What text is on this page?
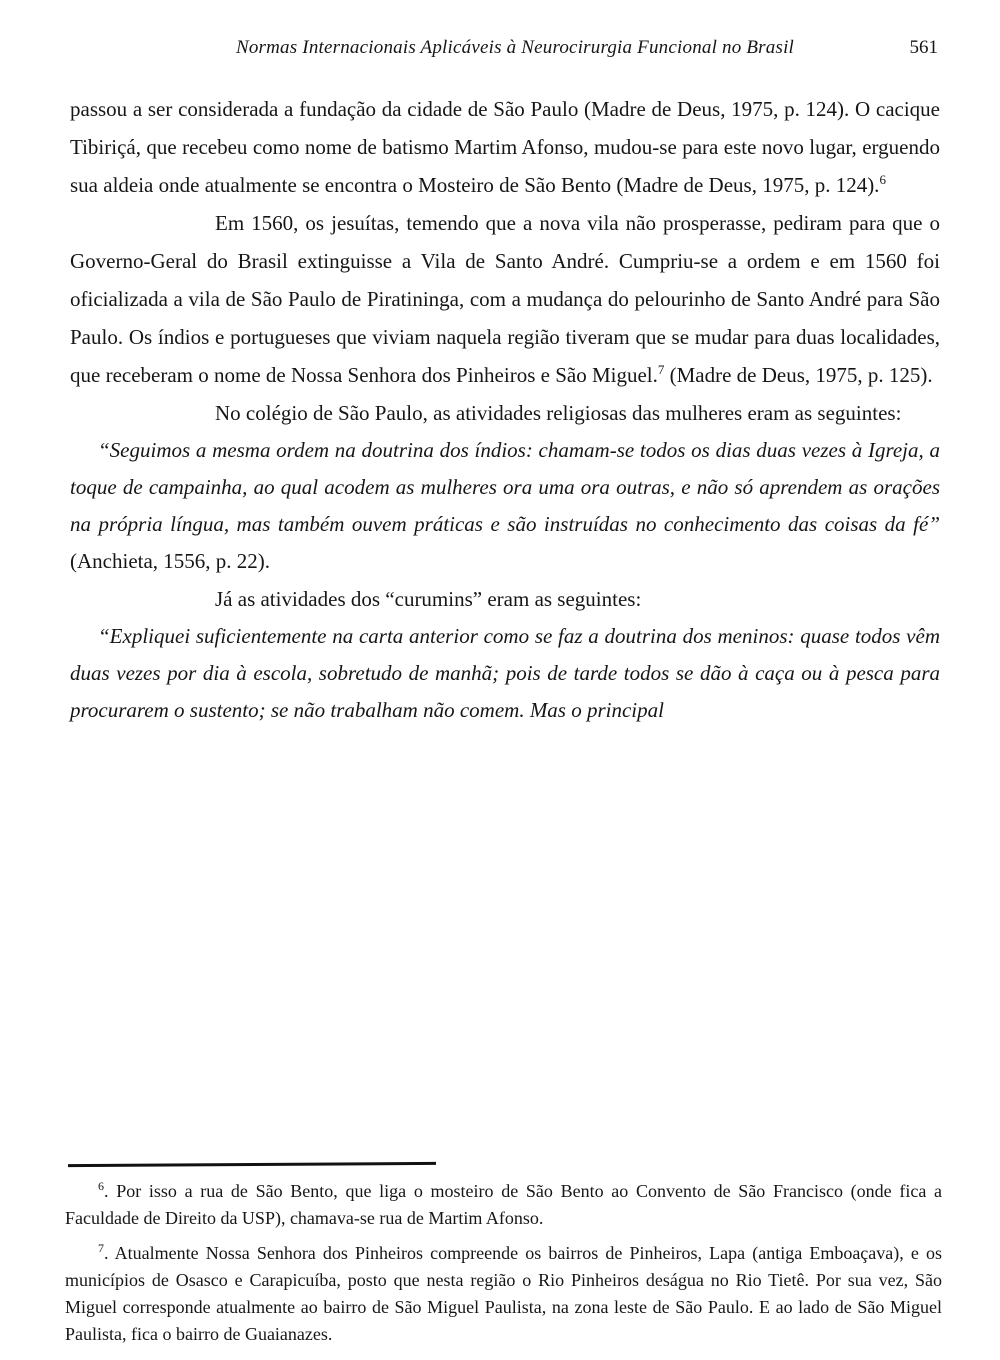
Normas Internacionais Aplicáveis à Neurocirurgia Funcional no Brasil	561

passou a ser considerada a fundação da cidade de São Paulo (Madre de Deus, 1975, p. 124). O cacique Tibiriçá, que recebeu como nome de batismo Martim Afonso, mudou-se para este novo lugar, erguendo sua aldeia onde atualmente se encontra o Mosteiro de São Bento (Madre de Deus, 1975, p. 124).$^6$

Em 1560, os jesuítas, temendo que a nova vila não prosperasse, pediram para que o Governo-Geral do Brasil extinguisse a Vila de Santo André. Cumpriu-se a ordem e em 1560 foi oficializada a vila de São Paulo de Piratininga, com a mudança do pelourinho de Santo André para São Paulo. Os índios e portugueses que viviam naquela região tiveram que se mudar para duas localidades, que receberam o nome de Nossa Senhora dos Pinheiros e São Miguel.$^7$ (Madre de Deus, 1975, p. 125).

No colégio de São Paulo, as atividades religiosas das mulheres eram as seguintes:

“Seguimos a mesma ordem na doutrina dos índios: chamam-se todos os dias duas vezes à Igreja, a toque de campainha, ao qual acodem as mulheres ora uma ora outras, e não só aprendem as orações na própria língua, mas também ouvem práticas e são instruídas no conhecimento das coisas da fé” (Anchieta, 1556, p. 22).

Já as atividades dos “curumins” eram as seguintes:

“Expliquei suficientemente na carta anterior como se faz a doutrina dos meninos: quase todos vêm duas vezes por dia à escola, sobretudo de manhã; pois de tarde todos se dão à caça ou à pesca para procurarem o sustento; se não trabalham não comem. Mas o principal

$^6$. Por isso a rua de São Bento, que liga o mosteiro de São Bento ao Convento de São Francisco (onde fica a Faculdade de Direito da USP), chamava-se rua de Martim Afonso.

$^7$. Atualmente Nossa Senhora dos Pinheiros compreende os bairros de Pinheiros, Lapa (antiga Emboaçava), e os municípios de Osasco e Carapicuíba, posto que nesta região o Rio Pinheiros deságua no Rio Tietê. Por sua vez, São Miguel corresponde atualmente ao bairro de São Miguel Paulista, na zona leste de São Paulo. E ao lado de São Miguel Paulista, fica o bairro de Guaianazes.
